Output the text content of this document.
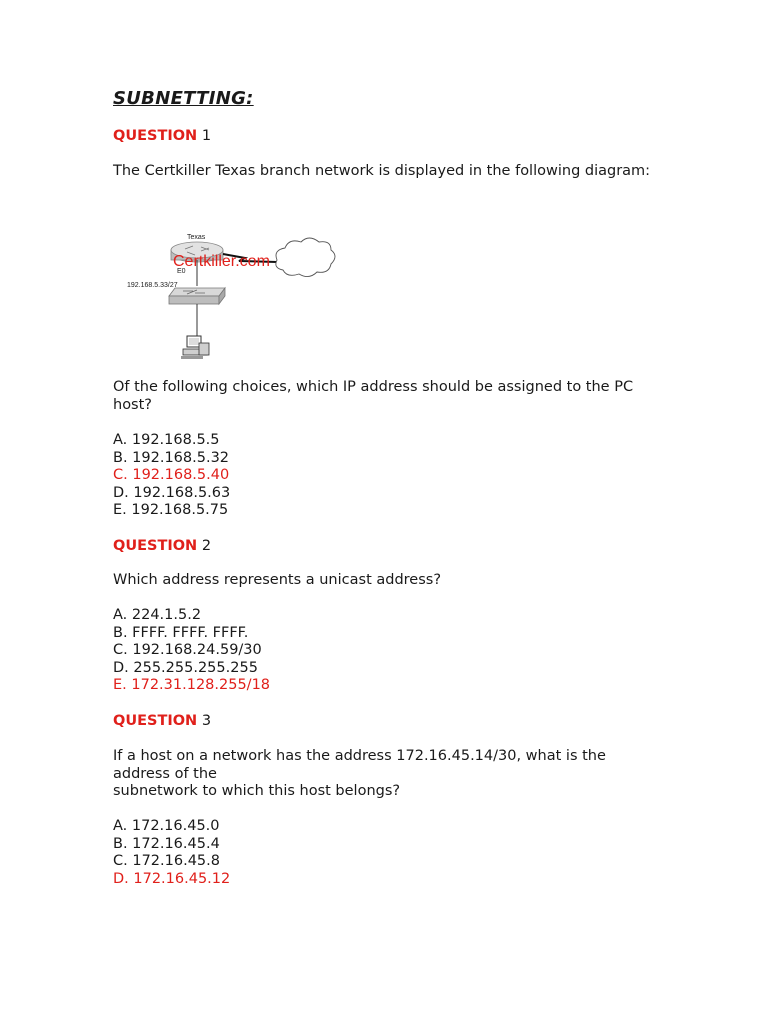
SUBNETTING:

QUESTION 1

The Certkiller Texas branch network is displayed in the following diagram:

Texas
Certkiller.com
E0
192.168.5.33/27

Of the following choices, which IP address should be assigned to the PC host?

A. 192.168.5.5
B. 192.168.5.32
C. 192.168.5.40
D. 192.168.5.63
E. 192.168.5.75

QUESTION 2

Which address represents a unicast address?

A. 224.1.5.2
B. FFFF. FFFF. FFFF.
C. 192.168.24.59/30
D. 255.255.255.255
E. 172.31.128.255/18

QUESTION 3

If a host on a network has the address 172.16.45.14/30, what is the
address of the
subnetwork to which this host belongs?
A. 172.16.45.0
B. 172.16.45.4
C. 172.16.45.8
D. 172.16.45.12
